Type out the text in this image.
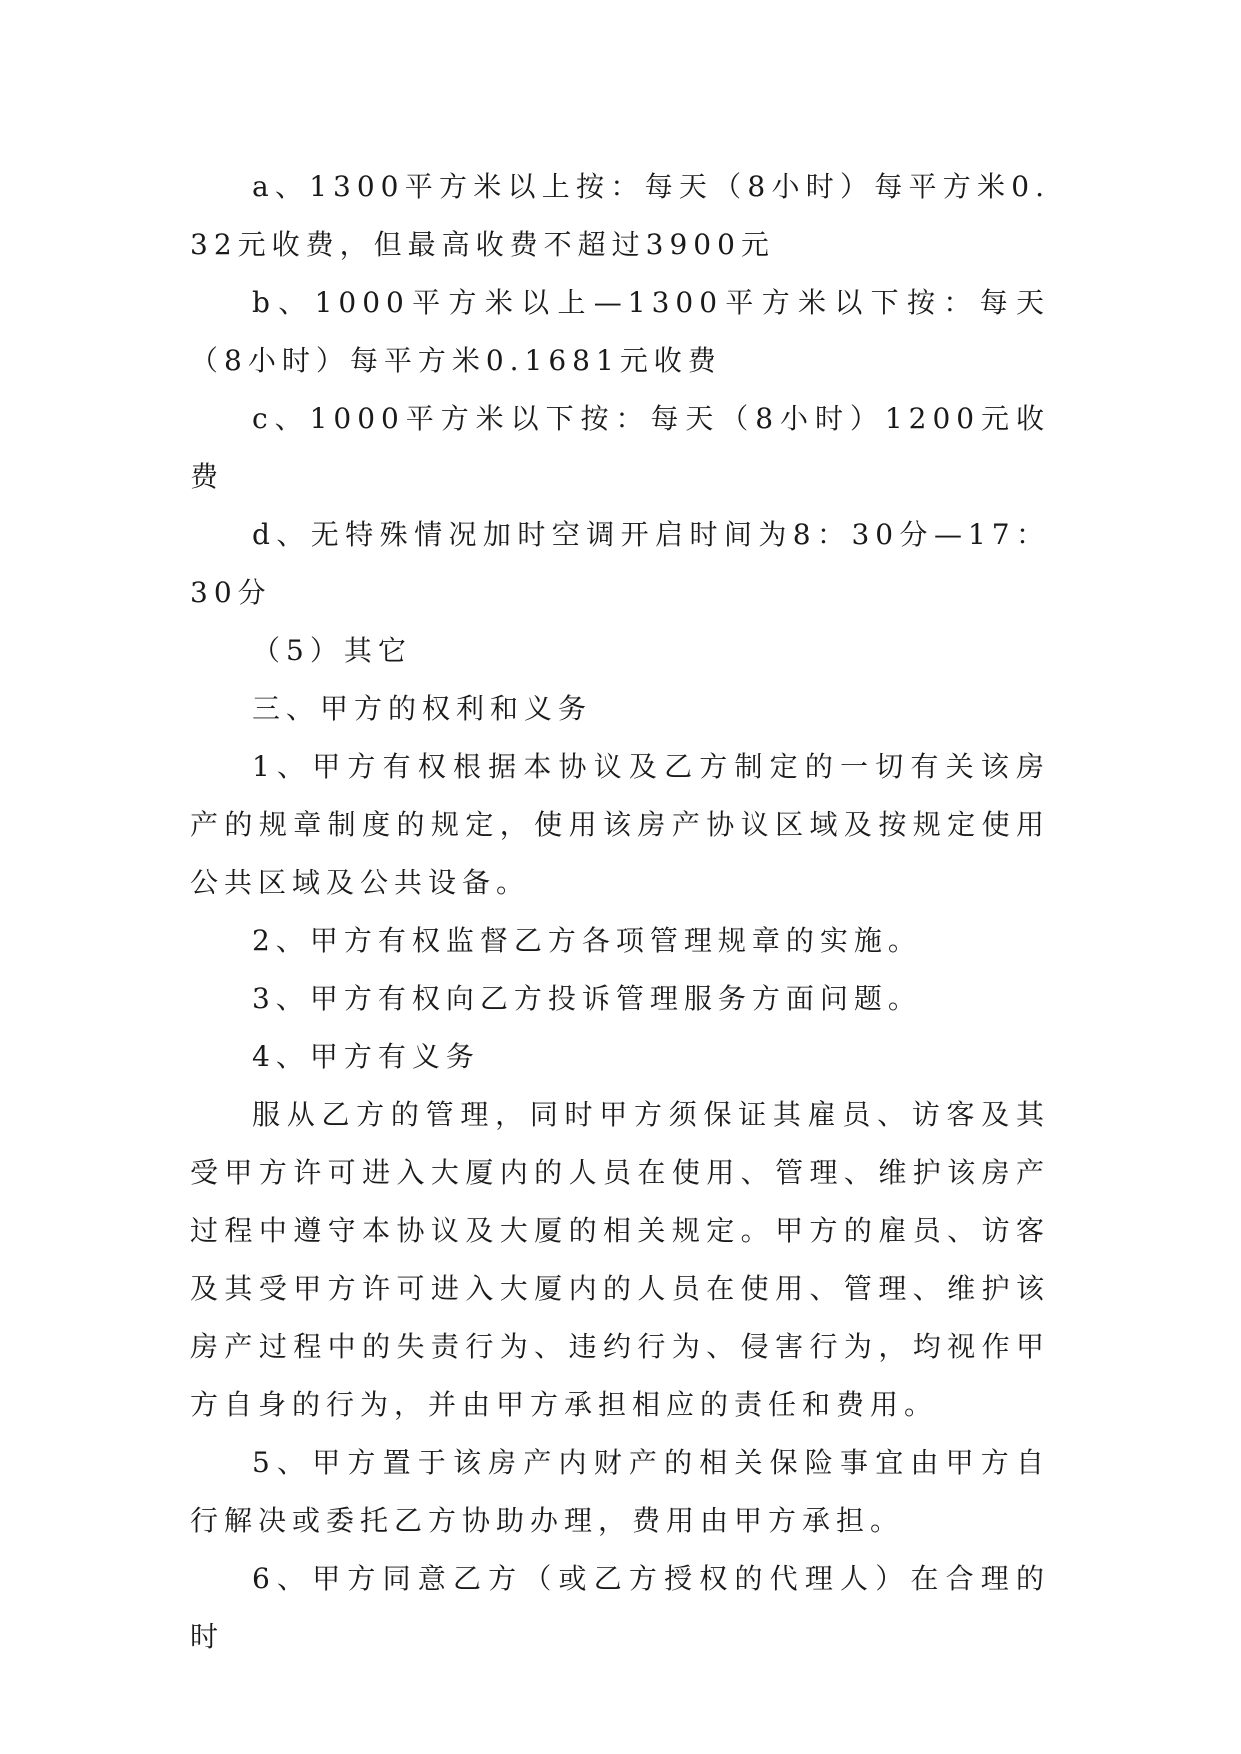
a、1300平方米以上按：每天（8小时）每平方米0.32元收费，但最高收费不超过3900元

b、1000平方米以上—1300平方米以下按：每天（8小时）每平方米0.1681元收费

c、1000平方米以下按：每天（8小时）1200元收费

d、无特殊情况加时空调开启时间为8：30分—17：30分

（5）其它

三、甲方的权利和义务

1、甲方有权根据本协议及乙方制定的一切有关该房产的规章制度的规定，使用该房产协议区域及按规定使用公共区域及公共设备。

2、甲方有权监督乙方各项管理规章的实施。

3、甲方有权向乙方投诉管理服务方面问题。

4、甲方有义务

服从乙方的管理，同时甲方须保证其雇员、访客及其受甲方许可进入大厦内的人员在使用、管理、维护该房产过程中遵守本协议及大厦的相关规定。甲方的雇员、访客及其受甲方许可进入大厦内的人员在使用、管理、维护该房产过程中的失责行为、违约行为、侵害行为，均视作甲方自身的行为，并由甲方承担相应的责任和费用。

5、甲方置于该房产内财产的相关保险事宜由甲方自行解决或委托乙方协助办理，费用由甲方承担。

6、甲方同意乙方（或乙方授权的代理人）在合理的时
